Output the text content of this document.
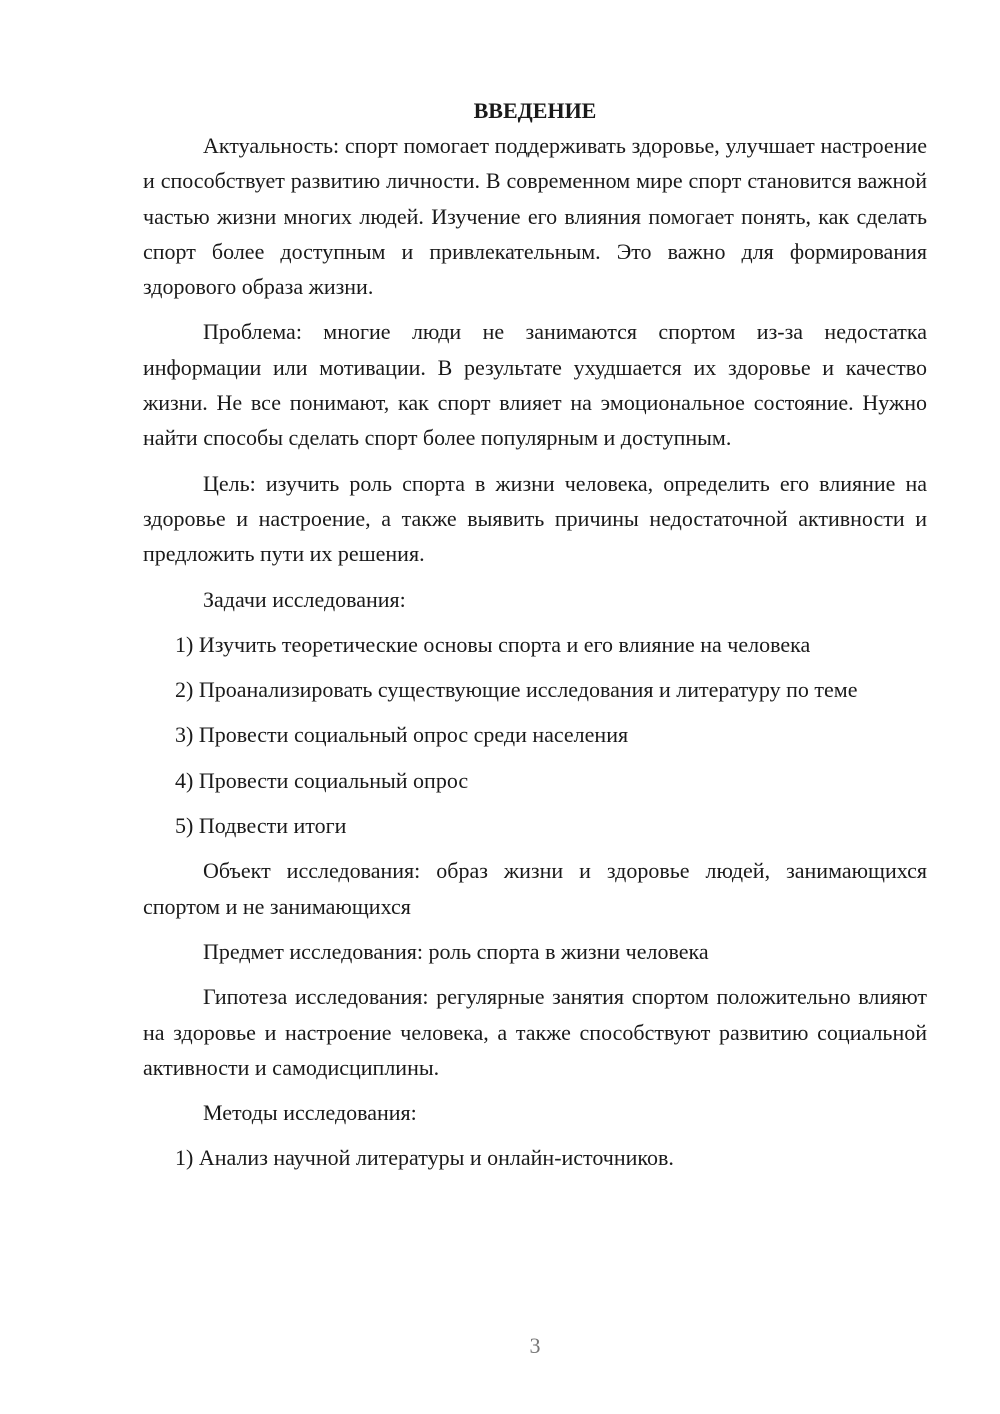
ВВЕДЕНИЕ

Актуальность: спорт помогает поддерживать здоровье, улучшает настроение и способствует развитию личности. В современном мире спорт становится важной частью жизни многих людей. Изучение его влияния помогает понять, как сделать спорт более доступным и привлекательным. Это важно для формирования здорового образа жизни.

Проблема: многие люди не занимаются спортом из-за недостатка информации или мотивации. В результате ухудшается их здоровье и качество жизни. Не все понимают, как спорт влияет на эмоциональное состояние. Нужно найти способы сделать спорт более популярным и доступным.

Цель: изучить роль спорта в жизни человека, определить его влияние на здоровье и настроение, а также выявить причины недостаточной активности и предложить пути их решения.

Задачи исследования:

1) Изучить теоретические основы спорта и его влияние на человека

2) Проанализировать существующие исследования и литературу по теме

3) Провести социальный опрос среди населения

4) Провести социальный опрос

5) Подвести итоги

Объект исследования: образ жизни и здоровье людей, занимающихся спортом и не занимающихся

Предмет исследования: роль спорта в жизни человека

Гипотеза исследования: регулярные занятия спортом положительно влияют на здоровье и настроение человека, а также способствуют развитию социальной активности и самодисциплины.

Методы исследования:

1) Анализ научной литературы и онлайн-источников.

3
